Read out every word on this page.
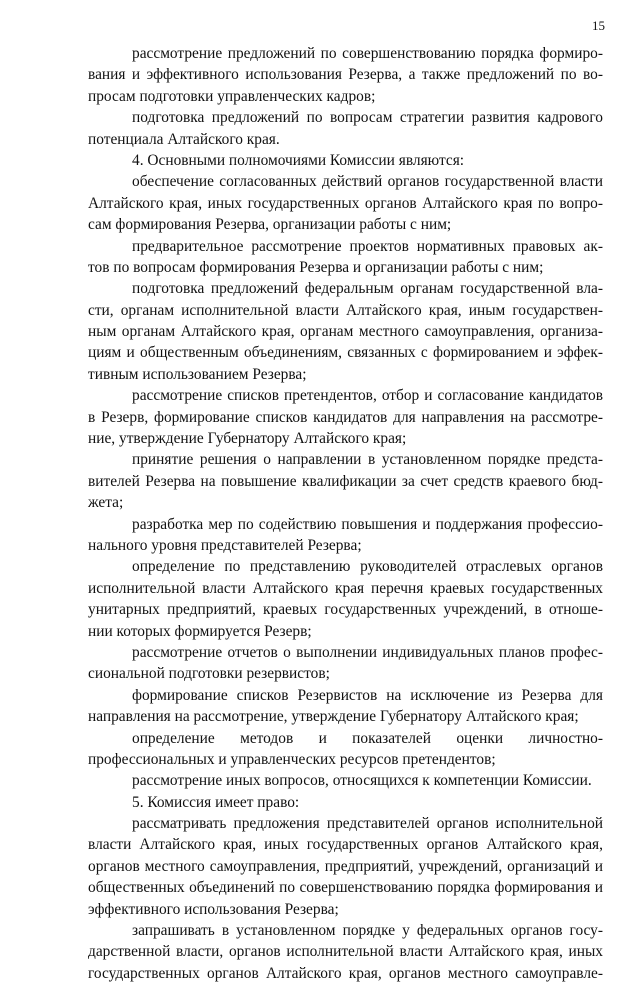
15
рассмотрение предложений по совершенствованию порядка формиро-
вания и эффективного использования Резерва, а также предложений по во-
просам подготовки управленческих кадров;
подготовка предложений по вопросам стратегии развития кадрового
потенциала Алтайского края.
4. Основными полномочиями Комиссии являются:
обеспечение согласованных действий органов государственной власти
Алтайского края, иных государственных органов Алтайского края по вопро-
сам формирования Резерва, организации работы с ним;
предварительное рассмотрение проектов нормативных правовых ак-
тов по вопросам формирования Резерва и организации работы с ним;
подготовка предложений федеральным органам государственной вла-
сти, органам исполнительной власти Алтайского края, иным государствен-
ным органам Алтайского края, органам местного самоуправления, организа-
циям и общественным объединениям, связанных с формированием и эффек-
тивным использованием Резерва;
рассмотрение списков претендентов, отбор и согласование кандидатов
в Резерв, формирование списков кандидатов для направления на рассмотре-
ние, утверждение Губернатору Алтайского края;
принятие решения о направлении в установленном порядке предста-
вителей Резерва на повышение квалификации за счет средств краевого бюд-
жета;
разработка мер по содействию повышения и поддержания профессио-
нального уровня представителей Резерва;
определение по представлению руководителей отраслевых органов
исполнительной власти Алтайского края перечня краевых государственных
унитарных предприятий, краевых государственных учреждений, в отноше-
нии которых формируется Резерв;
рассмотрение отчетов о выполнении индивидуальных планов профес-
сиональной подготовки резервистов;
формирование списков Резервистов на исключение из Резерва для
направления на рассмотрение, утверждение Губернатору Алтайского края;
определение методов и показателей оценки личностно-
профессиональных и управленческих ресурсов претендентов;
рассмотрение иных вопросов, относящихся к компетенции Комиссии.
5. Комиссия имеет право:
рассматривать предложения представителей органов исполнительной
власти Алтайского края, иных государственных органов Алтайского края,
органов местного самоуправления, предприятий, учреждений, организаций и
общественных объединений по совершенствованию порядка формирования и
эффективного использования Резерва;
запрашивать в установленном порядке у федеральных органов госу-
дарственной власти, органов исполнительной власти Алтайского края, иных
государственных органов Алтайского края, органов местного самоуправле-
